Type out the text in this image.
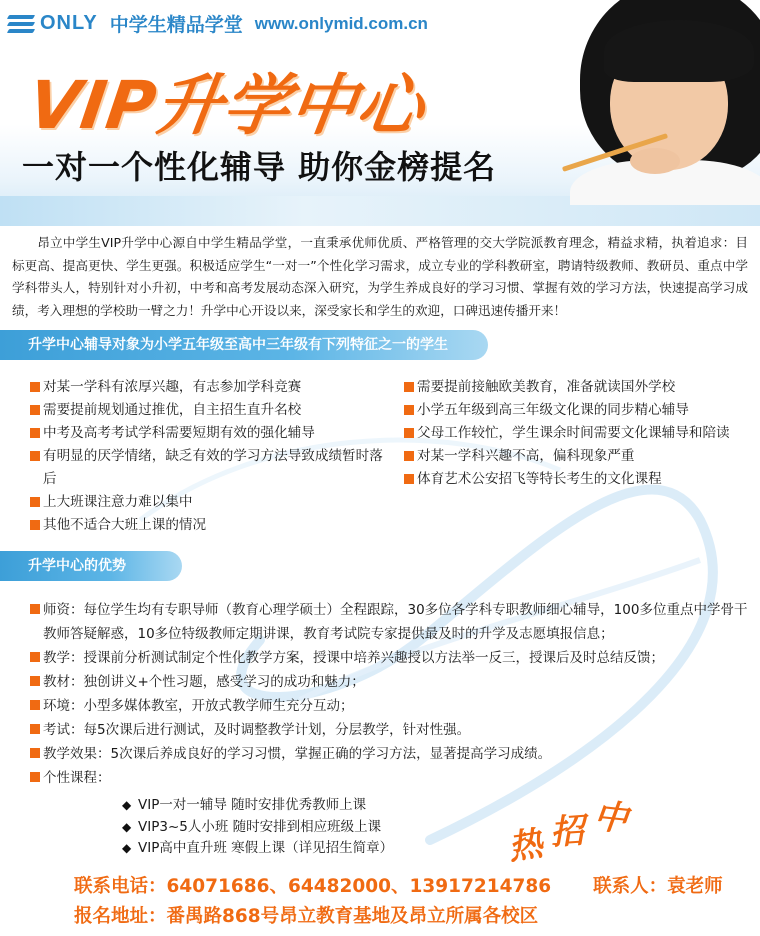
ONLY 中学生精品学堂 www.onlymid.com.cn
VIP升学中心
一对一个性化辅导 助你金榜提名

昂立中学生VIP升学中心源自中学生精品学堂，一直秉承优师优质、严格管理的交大学院派教育理念，精益求精，执着追求：目标更高、提高更快、学生更强。积极适应学生“一对一”个性化学习需求，成立专业的学科教研室，聘请特级教师、教研员、重点中学学科带头人，特别针对小升初，中考和高考发展动态深入研究，为学生养成良好的学习习惯、掌握有效的学习方法，快速提高学习成绩，考入理想的学校助一臂之力！升学中心开设以来，深受家长和学生的欢迎，口碑迅速传播开来！

升学中心辅导对象为小学五年级至高中三年级有下列特征之一的学生
对某一学科有浓厚兴趣，有志参加学科竞赛
需要提前规划通过推优，自主招生直升名校
中考及高考考试学科需要短期有效的强化辅导
有明显的厌学情绪，缺乏有效的学习方法导致成绩暂时落后
上大班课注意力难以集中
其他不适合大班上课的情况
需要提前接触欧美教育，准备就读国外学校
小学五年级到高三年级文化课的同步精心辅导
父母工作较忙，学生课余时间需要文化课辅导和陪读
对某一学科兴趣不高，偏科现象严重
体育艺术公安招飞等特长考生的文化课程
升学中心的优势
师资：每位学生均有专职导师（教育心理学硕士）全程跟踪，30多位各学科专职教师细心辅导，100多位重点中学骨干教师答疑解惑，10多位特级教师定期讲课，教育考试院专家提供最及时的升学及志愿填报信息；
教学：授课前分析测试制定个性化教学方案，授课中培养兴趣授以方法举一反三，授课后及时总结反馈；
教材：独创讲义+个性习题，感受学习的成功和魅力；
环境：小型多媒体教室，开放式教学师生充分互动；
考试：每5次课后进行测试，及时调整教学计划，分层教学，针对性强。
教学效果：5次课后养成良好的学习习惯，掌握正确的学习方法，显著提高学习成绩。
个性课程：
◆ VIP一对一辅导 随时安排优秀教师上课
◆ VIP3~5人小班 随时安排到相应班级上课
◆ VIP高中直升班 寒假上课（详见招生简章）	热 招 中
联系电话：64071686、64482000、13917214786 联系人：袁老师
报名地址：番禺路868号昂立教育基地及昂立所属各校区
